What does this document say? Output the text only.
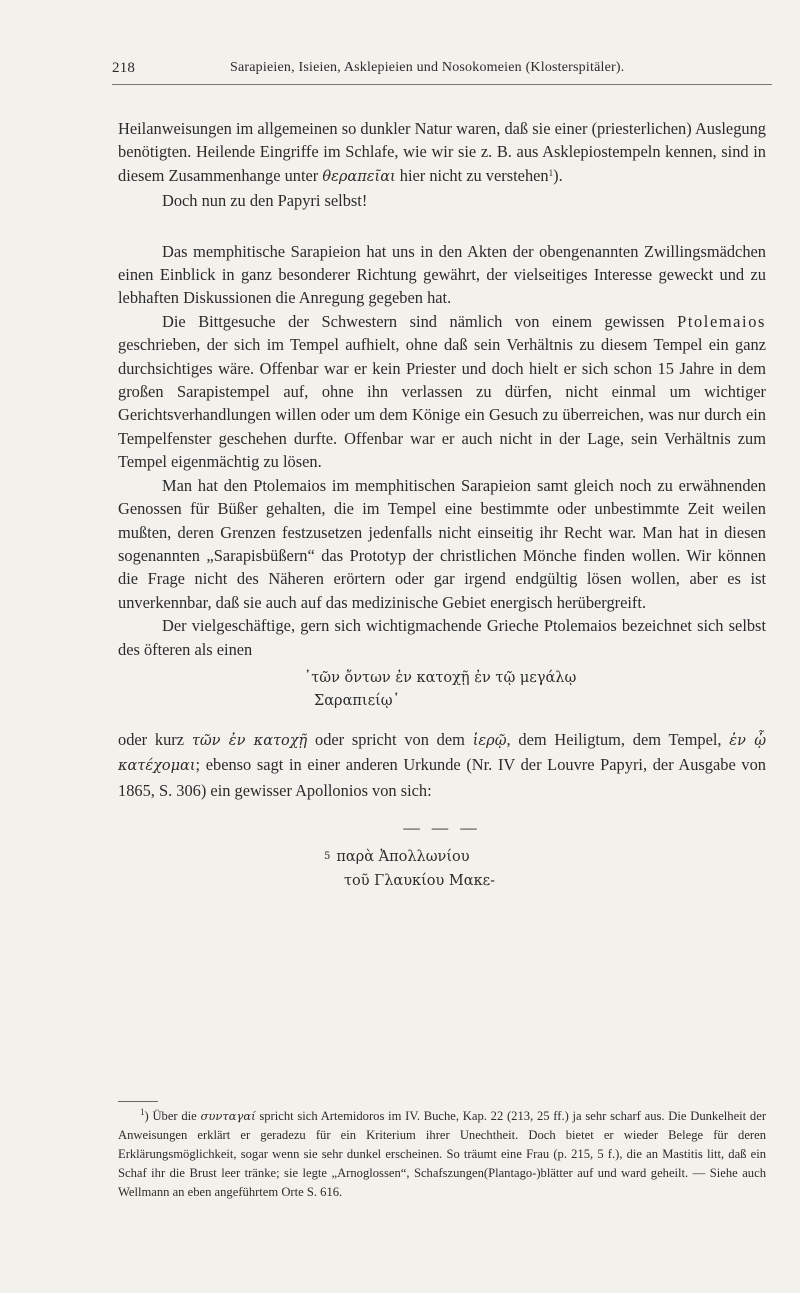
218	Sarapieien, Isieien, Asklepieien und Nosokomeien (Klosterspitäler).

Heilanweisungen im allgemeinen so dunkler Natur waren, daß sie einer (priesterlichen) Auslegung benötigten. Heilende Eingriffe im Schlafe, wie wir sie z. B. aus Asklepiostempeln kennen, sind in diesem Zusammenhange unter θεραπεῖαι hier nicht zu verstehen$^1$).

Doch nun zu den Papyri selbst!

Das memphitische Sarapieion hat uns in den Akten der obengenannten Zwillingsmädchen einen Einblick in ganz besonderer Richtung gewährt, der vielseitiges Interesse geweckt und zu lebhaften Diskussionen die Anregung gegeben hat.

Die Bittgesuche der Schwestern sind nämlich von einem gewissen Ptolemaios geschrieben, der sich im Tempel aufhielt, ohne daß sein Verhältnis zu diesem Tempel ein ganz durchsichtiges wäre. Offenbar war er kein Priester und doch hielt er sich schon 15 Jahre in dem großen Sarapistempel auf, ohne ihn verlassen zu dürfen, nicht einmal um wichtiger Gerichtsverhandlungen willen oder um dem Könige ein Gesuch zu überreichen, was nur durch ein Tempelfenster geschehen durfte. Offenbar war er auch nicht in der Lage, sein Verhältnis zum Tempel eigenmächtig zu lösen.

Man hat den Ptolemaios im memphitischen Sarapieion samt gleich noch zu erwähnenden Genossen für Büßer gehalten, die im Tempel eine bestimmte oder unbestimmte Zeit weilen mußten, deren Grenzen festzusetzen jedenfalls nicht einseitig ihr Recht war. Man hat in diesen sogenannten „Sarapisbüßern“ das Prototyp der christlichen Mönche finden wollen. Wir können die Frage nicht des Näheren erörtern oder gar irgend endgültig lösen wollen, aber es ist unverkennbar, daß sie auch auf das medizinische Gebiet energisch herübergreift.

Der vielgeschäftige, gern sich wichtigmachende Grieche Ptolemaios bezeichnet sich selbst des öfteren als einen

᾿τῶν ὄντων ἐν κατοχῇ ἐν τῷ μεγάλῳ
Σαραπιείῳ῾

oder kurz τῶν ἐν κατοχῇ oder spricht von dem ἱερῷ, dem Heiligtum, dem Tempel, ἐν ᾧ κατέχομαι; ebenso sagt in einer anderen Urkunde (Nr. IV der Louvre Papyri, der Ausgabe von 1865, S. 306) ein gewisser Apollonios von sich:

— — —
5 παρὰ Ἀπολλωνίου
τοῦ Γλαυκίου Μακε-

$^1$) Über die συνταγαί spricht sich Artemidoros im IV. Buche, Kap. 22 (213, 25 ff.) ja sehr scharf aus. Die Dunkelheit der Anweisungen erklärt er geradezu für ein Kriterium ihrer Unechtheit. Doch bietet er wieder Belege für deren Erklärungsmöglichkeit, sogar wenn sie sehr dunkel erscheinen. So träumt eine Frau (p. 215, 5 f.), die an Mastitis litt, daß ein Schaf ihr die Brust leer tränke; sie legte „Arnoglossen“, Schafszungen(Plantago-)blätter auf und ward geheilt. — Siehe auch Wellmann an eben angeführtem Orte S. 616.
